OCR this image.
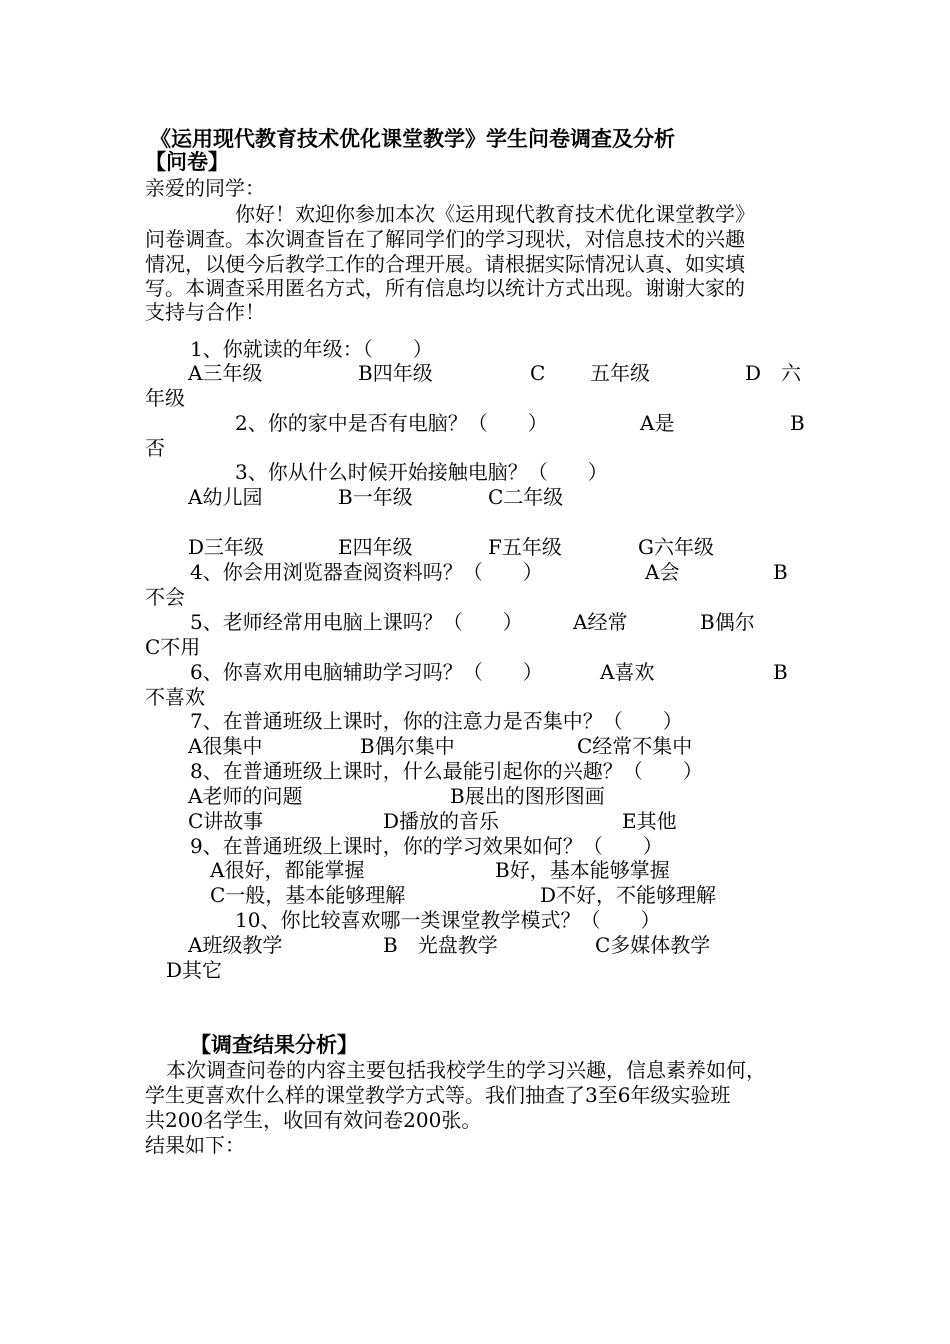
《运用现代教育技术优化课堂教学》学生问卷调查及分析
【问卷】
亲爱的同学：
你好！欢迎你参加本次《运用现代教育技术优化课堂教学》
问卷调查。本次调查旨在了解同学们的学习现状，对信息技术的兴趣
情况，以便今后教学工作的合理开展。请根据实际情况认真、如实填
写。本调查采用匿名方式，所有信息均以统计方式出现。谢谢大家的
支持与合作！
1、你就读的年级：（　　）
A三年级	B四年级	C 五年级	D　六
年级
2、你的家中是否有电脑？（　　）	A是	B
否
3、你从什么时候开始接触电脑？（　　）
A幼儿园	B一年级	C二年级
D三年级	E四年级	F五年级	G六年级
4、你会用浏览器查阅资料吗？（　　）	A会	B
不会
5、老师经常用电脑上课吗？（　　）	A经常	B偶尔
C不用
6、你喜欢用电脑辅助学习吗？（　　）	A喜欢	B
不喜欢
7、在普通班级上课时，你的注意力是否集中？（　　）
A很集中	B偶尔集中	C经常不集中
8、在普通班级上课时，什么最能引起你的兴趣？（　　）
A老师的问题	B展出的图形图画
C讲故事	D播放的音乐	E其他
9、在普通班级上课时，你的学习效果如何？（　　）
A很好，都能掌握	B好，基本能够掌握
C一般，基本能够理解	D不好，不能够理解
10、你比较喜欢哪一类课堂教学模式？（　　）
A班级教学	B　光盘教学	C多媒体教学
D其它
【调查结果分析】
本次调查问卷的内容主要包括我校学生的学习兴趣，信息素养如何，
学生更喜欢什么样的课堂教学方式等。我们抽查了3至6年级实验班
共200名学生，收回有效问卷200张。
结果如下：
